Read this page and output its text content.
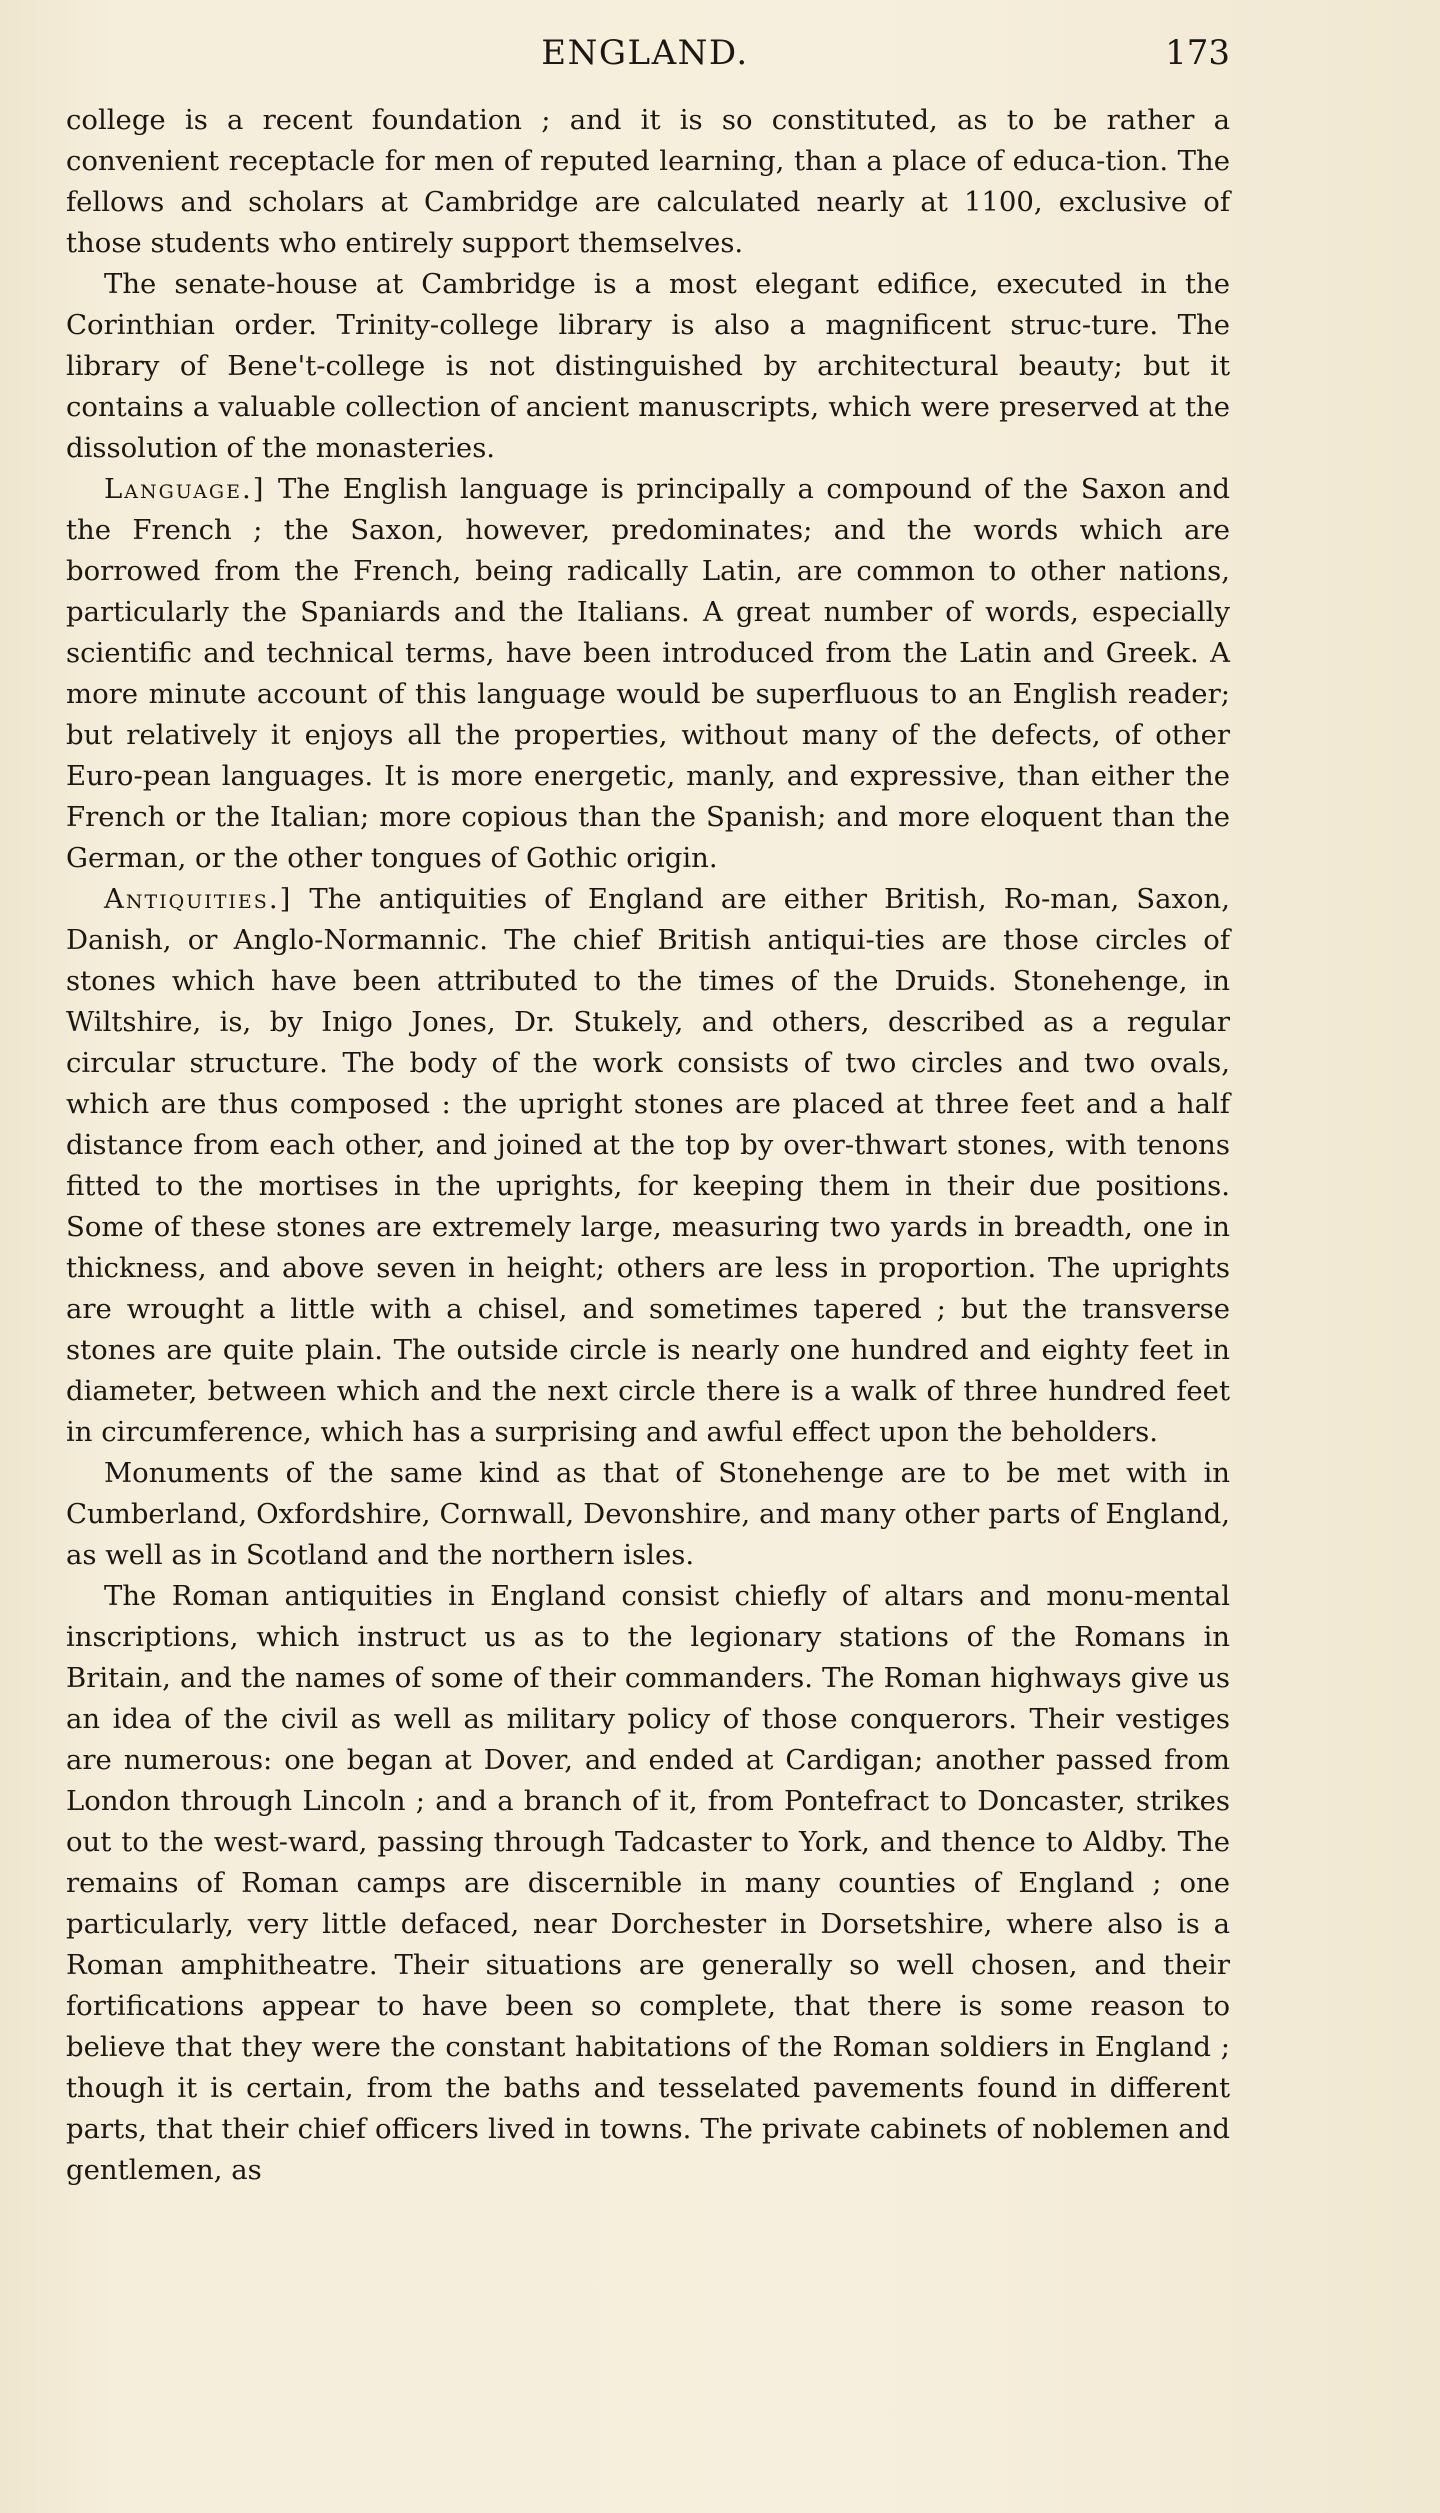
ENGLAND.	173

college is a recent foundation ; and it is so constituted, as to be rather a convenient receptacle for men of reputed learning, than a place of educa-tion. The fellows and scholars at Cambridge are calculated nearly at 1100, exclusive of those students who entirely support themselves.

The senate-house at Cambridge is a most elegant edifice, executed in the Corinthian order. Trinity-college library is also a magnificent struc-ture. The library of Bene't-college is not distinguished by architectural beauty; but it contains a valuable collection of ancient manuscripts, which were preserved at the dissolution of the monasteries.

Language.] The English language is principally a compound of the Saxon and the French ; the Saxon, however, predominates; and the words which are borrowed from the French, being radically Latin, are common to other nations, particularly the Spaniards and the Italians. A great number of words, especially scientific and technical terms, have been introduced from the Latin and Greek. A more minute account of this language would be superfluous to an English reader; but relatively it enjoys all the properties, without many of the defects, of other Euro-pean languages. It is more energetic, manly, and expressive, than either the French or the Italian; more copious than the Spanish; and more eloquent than the German, or the other tongues of Gothic origin.

Antiquities.] The antiquities of England are either British, Ro-man, Saxon, Danish, or Anglo-Normannic. The chief British antiqui-ties are those circles of stones which have been attributed to the times of the Druids. Stonehenge, in Wiltshire, is, by Inigo Jones, Dr. Stukely, and others, described as a regular circular structure. The body of the work consists of two circles and two ovals, which are thus composed : the upright stones are placed at three feet and a half distance from each other, and joined at the top by over-thwart stones, with tenons fitted to the mortises in the uprights, for keeping them in their due positions. Some of these stones are extremely large, measuring two yards in breadth, one in thickness, and above seven in height; others are less in proportion. The uprights are wrought a little with a chisel, and sometimes tapered ; but the transverse stones are quite plain. The outside circle is nearly one hundred and eighty feet in diameter, between which and the next circle there is a walk of three hundred feet in circumference, which has a surprising and awful effect upon the beholders.

Monuments of the same kind as that of Stonehenge are to be met with in Cumberland, Oxfordshire, Cornwall, Devonshire, and many other parts of England, as well as in Scotland and the northern isles.

The Roman antiquities in England consist chiefly of altars and monu-mental inscriptions, which instruct us as to the legionary stations of the Romans in Britain, and the names of some of their commanders. The Roman highways give us an idea of the civil as well as military policy of those conquerors. Their vestiges are numerous: one began at Dover, and ended at Cardigan; another passed from London through Lincoln ; and a branch of it, from Pontefract to Doncaster, strikes out to the west-ward, passing through Tadcaster to York, and thence to Aldby. The remains of Roman camps are discernible in many counties of England ; one particularly, very little defaced, near Dorchester in Dorsetshire, where also is a Roman amphitheatre. Their situations are generally so well chosen, and their fortifications appear to have been so complete, that there is some reason to believe that they were the constant habitations of the Roman soldiers in England ; though it is certain, from the baths and tesselated pavements found in different parts, that their chief officers lived in towns. The private cabinets of noblemen and gentlemen, as
